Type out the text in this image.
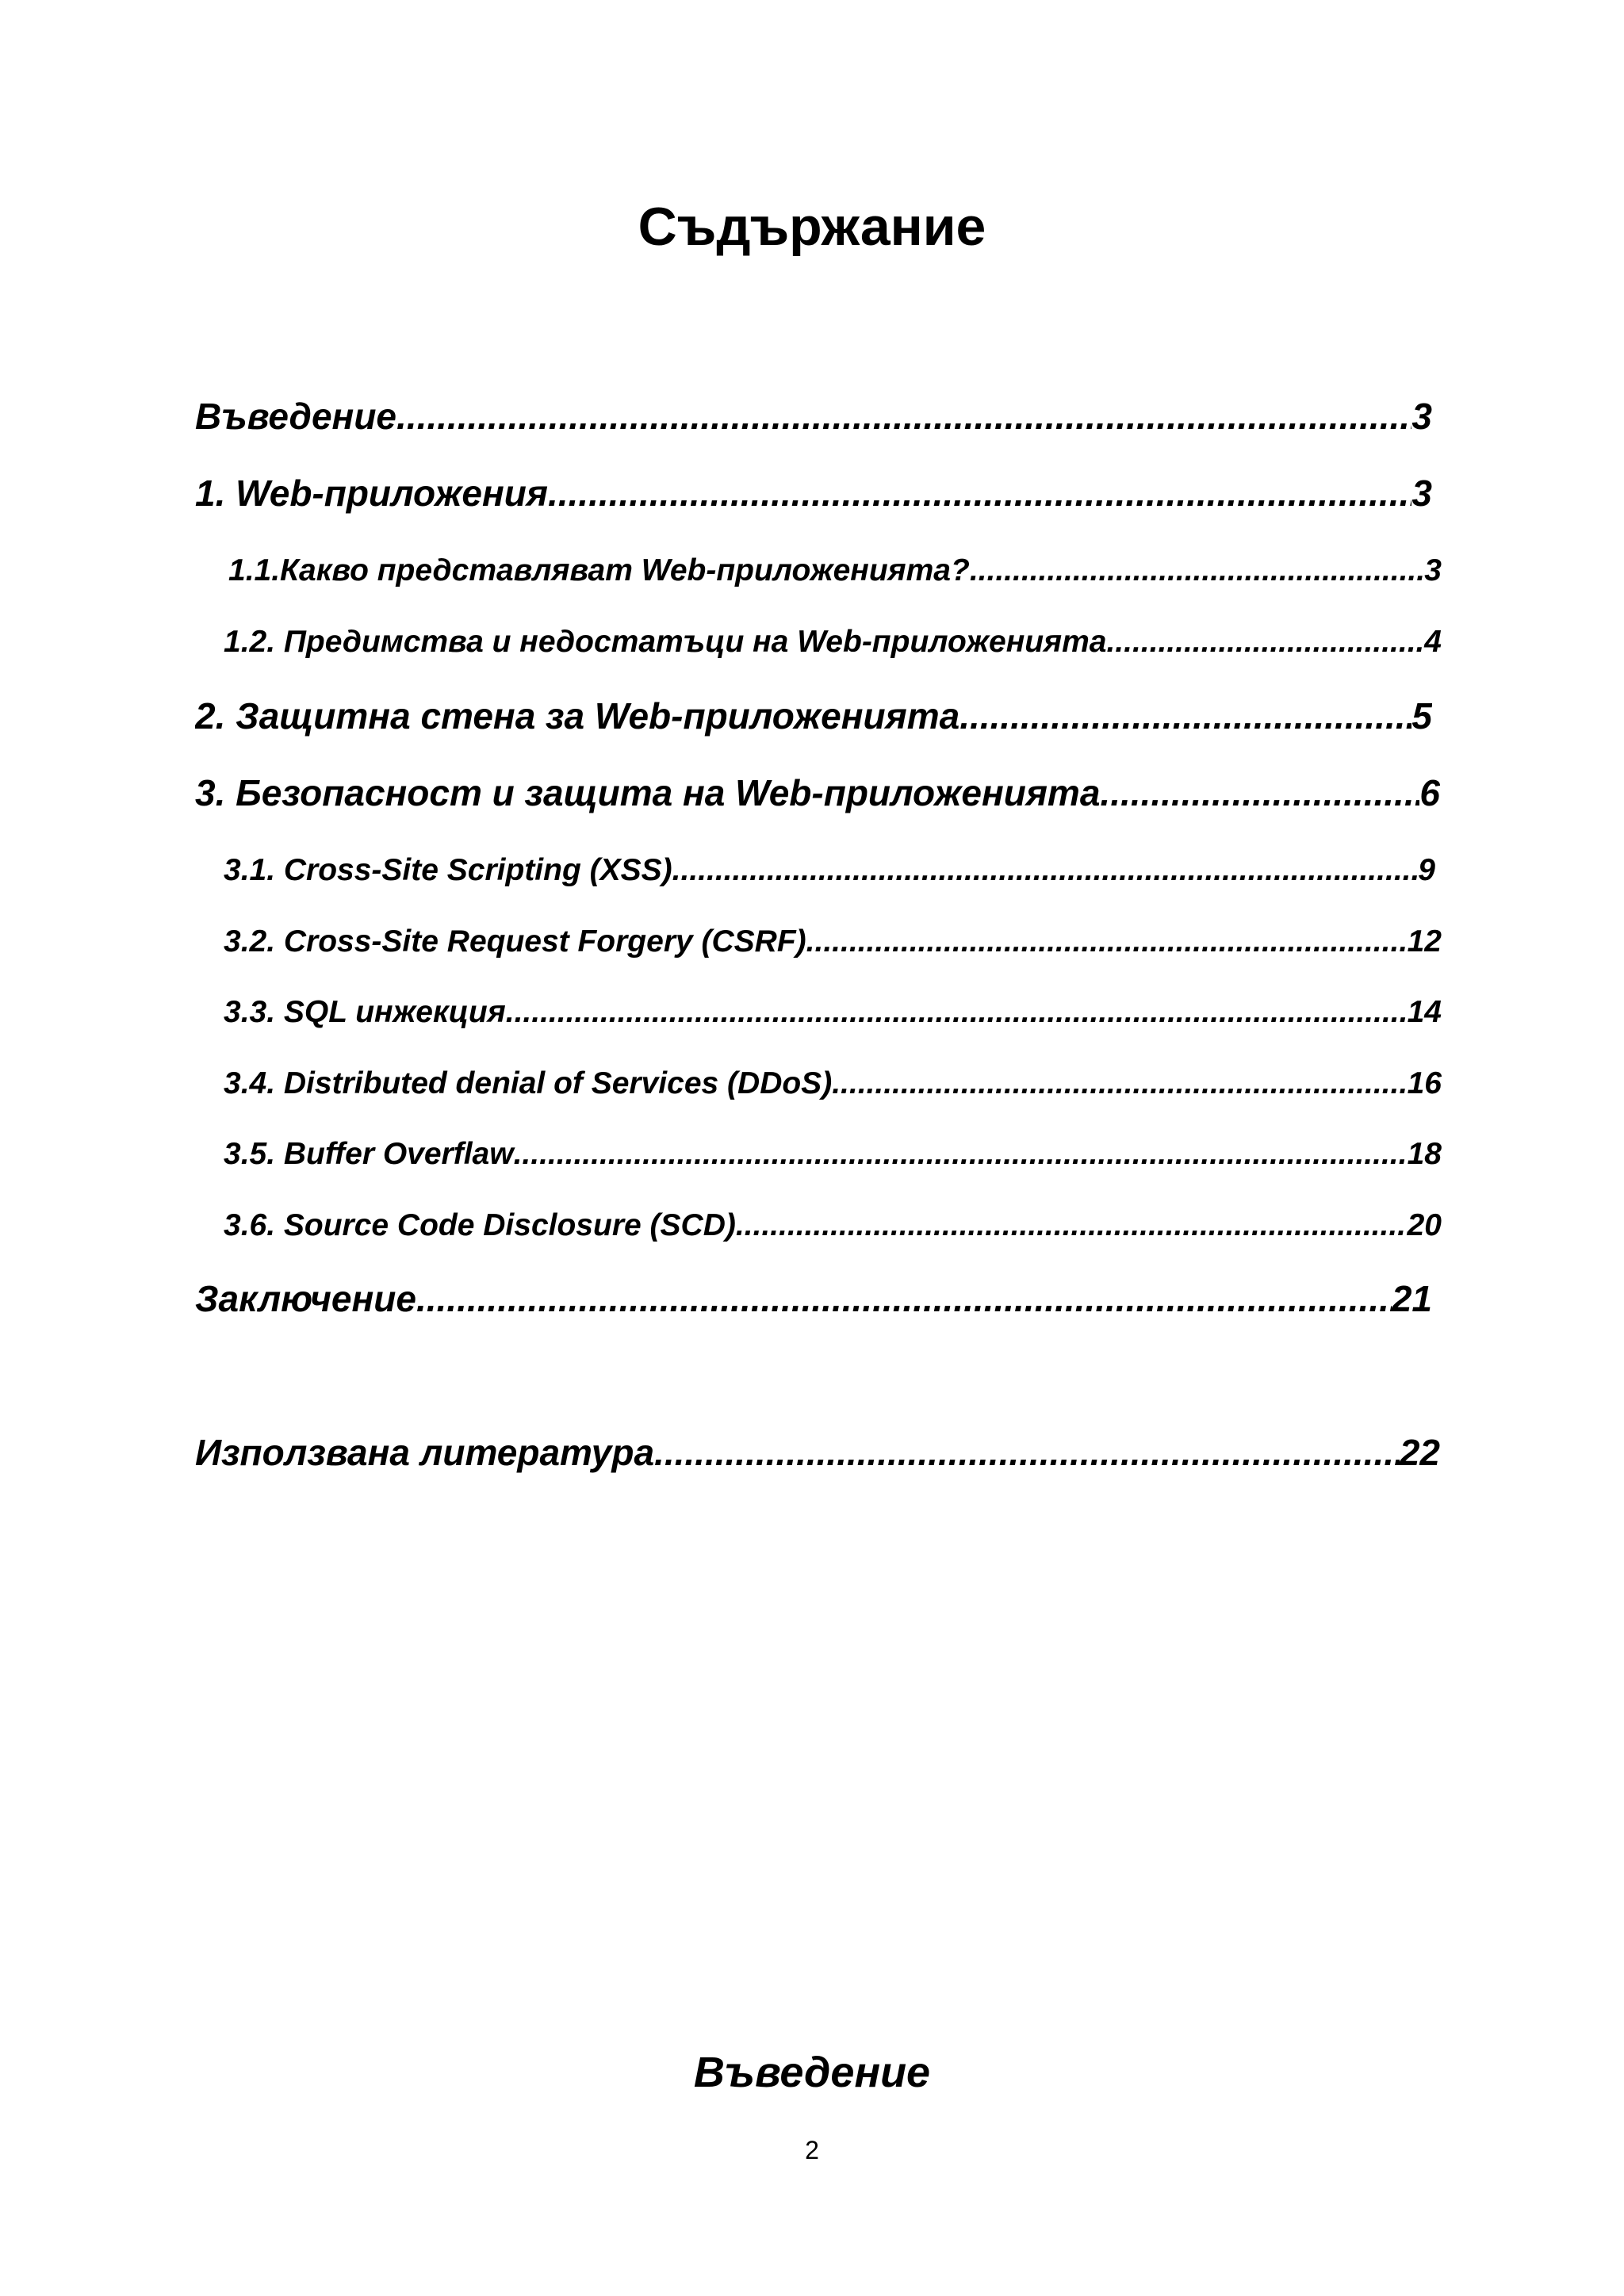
Съдържание
Въведение .....	3
1. Web-приложения .....	3
1.1.Какво представляват Web-приложенията? .....	3
1.2. Предимства и недостатъци на Web-приложенията .....	4
2. Защитна стена за Web-приложенията .....	5
3. Безопасност и защита на Web-приложенията .....	6
3.1. Cross-Site Scripting (XSS) .....	9
3.2. Cross-Site Request Forgery (CSRF) .....	12
3.3. SQL инжекция .....	14
3.4. Distributed denial of Services (DDoS) .....	16
3.5. Buffer Overflaw .....	18
3.6. Source Code Disclosure (SCD) .....	20
Заключение .....	21
Използвана литература .....	22
Въведение
2
